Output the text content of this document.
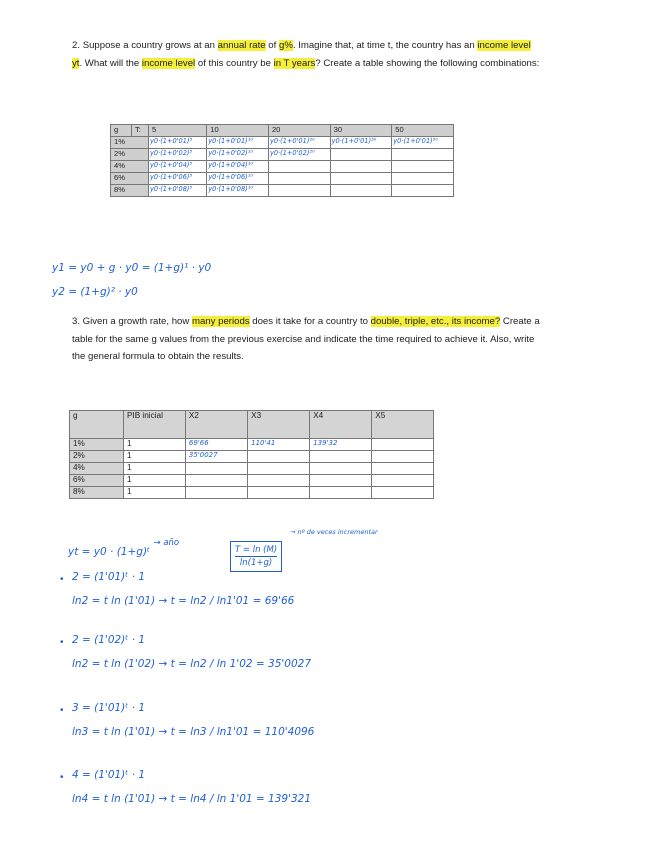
2. Suppose a country grows at an annual rate of g%. Imagine that, at time t, the country has an income level yt. What will the income level of this country be in T years? Create a table showing the following combinations:
g	T:	5	10	20	30	50
1%		y0·(1+0'01)⁵	y0·(1+0'01)¹⁰	y0·(1+0'01)²⁰	y0·(1+0'01)³⁰	y0·(1+0'01)⁵⁰
2%		y0·(1+0'02)⁵	y0·(1+0'02)¹⁰	y0·(1+0'02)²⁰		
4%		y0·(1+0'04)⁵	y0·(1+0'04)¹⁰			
6%		y0·(1+0'06)⁵	y0·(1+0'06)¹⁰			
8%		y0·(1+0'08)⁵	y0·(1+0'08)¹⁰			
y1 = y0 + g · y0 = (1+g)¹ · y0
y2 = (1+g)² · y0
3. Given a growth rate, how many periods does it take for a country to double, triple, etc., its income? Create a table for the same g values from the previous exercise and indicate the time required to achieve it. Also, write the general formula to obtain the results.
g	PIB inicial	X2	X3	X4	X5
1%	1	69'66	110'41	139'32	
2%	1	35'0027			
4%	1				
6%	1				
8%	1				
yt = y0 · (1+g)ᵗ $^{\to año}$
T = ln (M)
ln(1+g)
→ nº de veces incrementar
• 2 = (1'01)ᵗ · 1
ln2 = t ln (1'01) → t = ln2 / ln1'01 = 69'66
• 2 = (1'02)ᵗ · 1
ln2 = t ln (1'02) → t = ln2 / ln 1'02 = 35'0027
• 3 = (1'01)ᵗ · 1
ln3 = t ln (1'01) → t = ln3 / ln1'01 = 110'4096
• 4 = (1'01)ᵗ · 1
ln4 = t ln (1'01) → t = ln4 / ln 1'01 = 139'321
